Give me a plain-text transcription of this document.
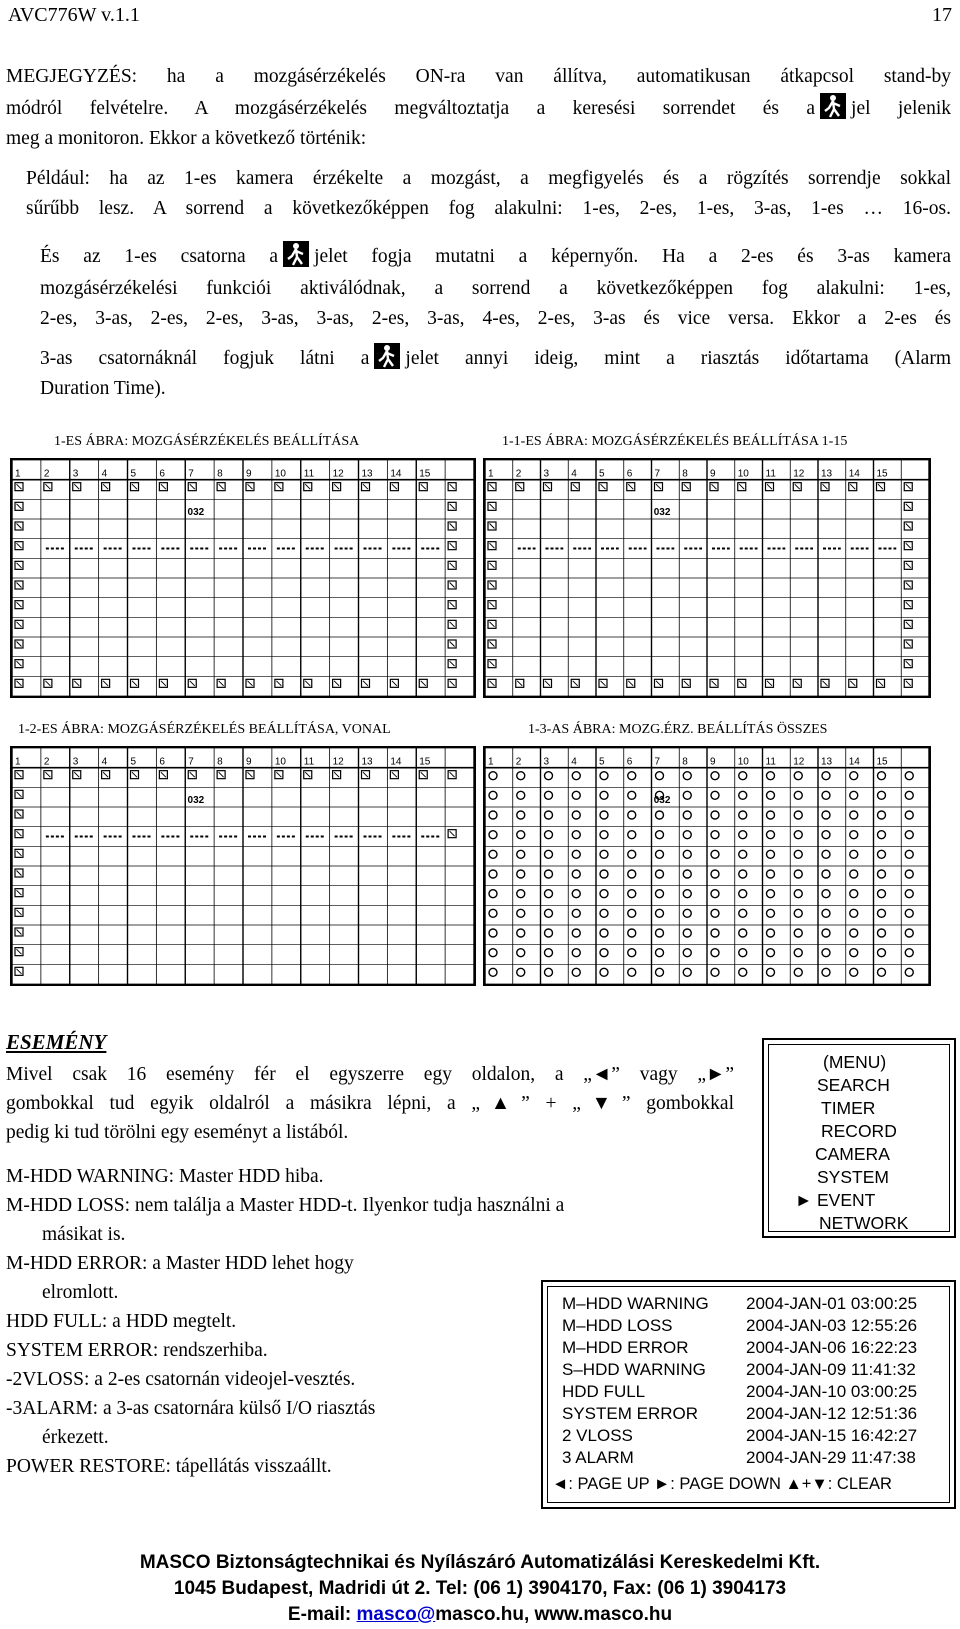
AVC776W v.1.1	17
MEGJEGYZÉS: ha a mozgásérzékelés ON-ra van állítva, automatikusan átkapcsol stand-by
módról felvételre. A mozgásérzékelés megváltoztatja a keresési sorrendet és a jel jelenik
meg a monitoron. Ekkor a következő történik:
Például: ha az 1-es kamera érzékelte a mozgást, a megfigyelés és a rögzítés sorrendje sokkal
sűrűbb lesz. A sorrend a következőképpen fog alakulni: 1-es, 2-es, 1-es, 3-as, 1-es … 16-os.
És az 1-es csatorna a jelet fogja mutatni a képernyőn. Ha a 2-es és 3-as kamera
mozgásérzékelési funkciói aktiválódnak, a sorrend a következőképpen fog alakulni: 1-es,
2-es, 3-as, 2-es, 2-es, 3-as, 3-as, 2-es, 3-as, 4-es, 2-es, 3-as és vice versa. Ekkor a 2-es és
3-as csatornáknál fogjuk látni a jelet annyi ideig, mint a riasztás időtartama (Alarm
Duration Time).
1-ES ÁBRA: MOZGÁSÉRZÉKELÉS BEÁLLÍTÁSA	1-1-ES ÁBRA: MOZGÁSÉRZÉKELÉS BEÁLLÍTÁSA 1-15
1-2-ES ÁBRA: MOZGÁSÉRZÉKELÉS BEÁLLÍTÁSA, VONAL	1-3-AS ÁBRA: MOZG.ÉRZ. BEÁLLÍTÁS ÖSSZES
1 2 3 4 5 6 7 8 9 10 11 12 13 14 15
032
1 2 3 4 5 6 7 8 9 10 11 12 13 14 15
032
1 2 3 4 5 6 7 8 9 10 11 12 13 14 15
032
1 2 3 4 5 6 7 8 9 10 11 12 13 14 15
032
ESEMÉNY
Mivel csak 16 esemény fér el egyszerre egy oldalon, a „◄” vagy „►”
gombokkal tud egyik oldalról a másikra lépni, a „▲” + „▼” gombokkal
pedig ki tud törölni egy eseményt a listából.
M-HDD WARNING: Master HDD hiba.
M-HDD LOSS: nem találja a Master HDD-t. Ilyenkor tudja használni a
másikat is.
M-HDD ERROR: a Master HDD lehet hogy
elromlott.
HDD FULL: a HDD megtelt.
SYSTEM ERROR: rendszerhiba.
-2VLOSS: a 2-es csatornán videojel-vesztés.
-3ALARM: a 3-as csatornára külső I/O riasztás
érkezett.
POWER RESTORE: tápellátás visszaállt.
(MENU)
SEARCH
TIMER
RECORD
CAMERA
SYSTEM
► EVENT
NETWORK
M–HDD WARNING 2004-JAN-01 03:00:25
M–HDD LOSS	2004-JAN-03 12:55:26
M–HDD ERROR	2004-JAN-06 16:22:23
S–HDD WARNING 2004-JAN-09 11:41:32
HDD FULL	2004-JAN-10 03:00:25
SYSTEM ERROR	2004-JAN-12 12:51:36
2 VLOSS	2004-JAN-15 16:42:27
3 ALARM	2004-JAN-29 11:47:38
◄: PAGE UP ►: PAGE DOWN ▲+▼: CLEAR
MASCO Biztonságtechnikai és Nyílászáró Automatizálási Kereskedelmi Kft.
1045 Budapest, Madridi út 2. Tel: (06 1) 3904170, Fax: (06 1) 3904173
E-mail: masco@masco.hu, www.masco.hu
